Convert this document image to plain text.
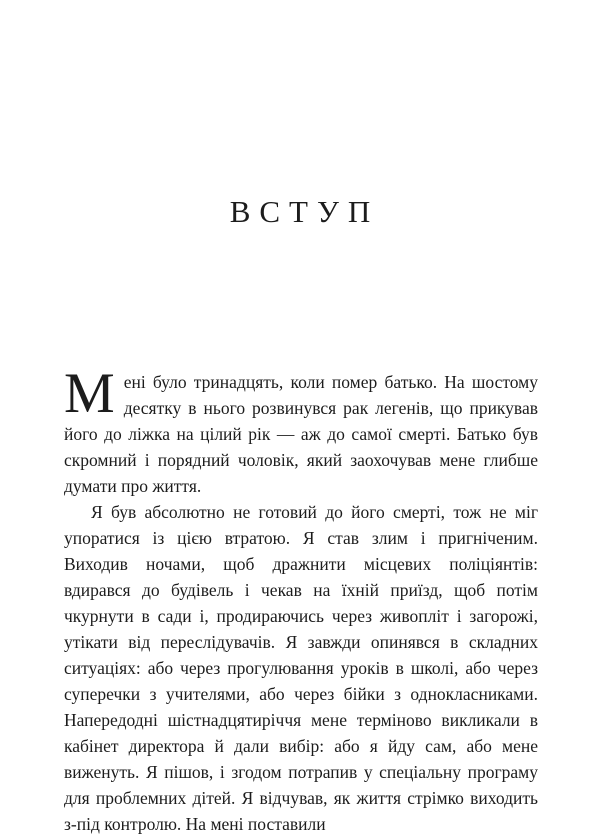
ВСТУП

Мені було тринадцять, коли помер батько. На шостому десятку в нього розвинувся рак легенів, що прикував його до ліжка на цілий рік — аж до самої смерті. Батько був скромний і порядний чоловік, який заохочував мене глибше думати про життя.

Я був абсолютно не готовий до його смерті, тож не міг упоратися із цією втратою. Я став злим і пригніченим. Виходив ночами, щоб дражнити місцевих поліціянтів: вдирався до будівель і чекав на їхній приїзд, щоб потім чкурнути в сади і, продираючись через живопліт і загорожі, утікати від переслідувачів. Я завжди опинявся в складних ситуаціях: або через прогулювання уроків в школі, або через суперечки з учителями, або через бійки з однокласниками. Напередодні шістнадцятиріччя мене терміново викликали в кабінет директора й дали вибір: або я йду сам, або мене виженуть. Я пішов, і згодом потрапив у спеціальну програму для проблемних дітей. Я відчував, як життя стрімко виходить з-під контролю. На мені поставили
